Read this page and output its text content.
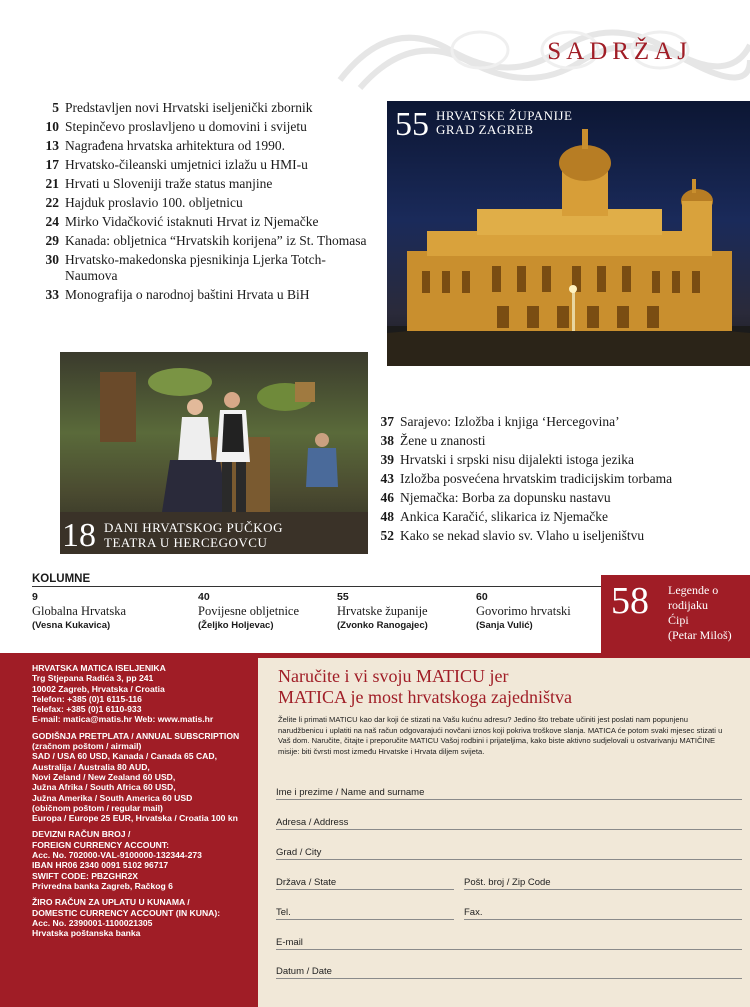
SADRŽAJ
5 Predstavljen novi Hrvatski iseljenički zbornik
10 Stepinčevo proslavljeno u domovini i svijetu
13 Nagrađena hrvatska arhitektura od 1990.
17 Hrvatsko-čileanski umjetnici izlažu u HMI-u
21 Hrvati u Sloveniji traže status manjine
22 Hajduk proslavio 100. obljetnicu
24 Mirko Vidačković istaknuti Hrvat iz Njemačke
29 Kanada: obljetnica “Hrvatskih korijena” iz St. Thomasa
30 Hrvatsko-makedonska pjesnikinja Ljerka Totch-Naumova
33 Monografija o narodnoj baštini Hrvata u BiH
55 HRVATSKE ŽUPANIJE
GRAD ZAGREB
18 DANI HRVATSKOG PUČKOG
TEATRA U HERCEGOVCU
37 Sarajevo: Izložba i knjiga ‘Hercegovina’
38 Žene u znanosti
39 Hrvatski i srpski nisu dijalekti istoga jezika
43 Izložba posvećena hrvatskim tradicijskim torbama
46 Njemačka: Borba za dopunsku nastavu
48 Ankica Karačić, slikarica iz Njemačke
52 Kako se nekad slavio sv. Vlaho u iseljeništvu
KOLUMNE
9
Globalna Hrvatska
(Vesna Kukavica)
40
Povijesne obljetnice
(Željko Holjevac)
55
Hrvatske županije
(Zvonko Ranogajec)
60
Govorimo hrvatski
(Sanja Vulić)
58 Legende o
rodijaku
Ćipi
(Petar Miloš)
HRVATSKA MATICA ISELJENIKA
Trg Stjepana Radića 3, pp 241
10002 Zagreb, Hrvatska / Croatia
Telefon: +385 (0)1 6115-116
Telefax: +385 (0)1 6110-933
E-mail: matica@matis.hr Web: www.matis.hr
GODIŠNJA PRETPLATA / ANNUAL SUBSCRIPTION
(zračnom poštom / airmail)
SAD / USA 60 USD, Kanada / Canada 65 CAD,
Australija / Australia 80 AUD,
Novi Zeland / New Zealand 60 USD,
Južna Afrika / South Africa 60 USD,
Južna Amerika / South America 60 USD
(običnom poštom / regular mail)
Europa / Europe 25 EUR, Hrvatska / Croatia 100 kn
DEVIZNI RAČUN BROJ /
FOREIGN CURRENCY ACCOUNT:
Acc. No. 702000-VAL-9100000-132344-273
IBAN HR06 2340 0091 5102 96717
SWIFT CODE: PBZGHR2X
Privredna banka Zagreb, Račkog 6
ŽIRO RAČUN ZA UPLATU U KUNAMA /
DOMESTIC CURRENCY ACCOUNT (IN KUNA):
Acc. No. 2390001-1100021305
Hrvatska poštanska banka
Naručite i vi svoju MATICU jer
MATICA je most hrvatskoga zajedništva
Želite li primati MATICU kao dar koji će stizati na Vašu kućnu adresu? Jedino što trebate učiniti jest poslati nam popunjenu narudžbenicu i uplatiti na naš račun odgovarajući novčani iznos koji pokriva troškove slanja. MATICA će potom svaki mjesec stizati u Vaš dom. Naručite, čitajte i preporučite MATICU Vašoj rodbini i prijateljima, kako biste aktivno sudjelovali u ostvarivanju MATIČINE misije: biti čvrsti most između Hrvatske i Hrvata diljem svijeta.
Ime i prezime / Name and surname
Adresa / Address
Grad / City
Država / State	Pošt. broj / Zip Code
Tel.	Fax.
E-mail
Datum / Date
